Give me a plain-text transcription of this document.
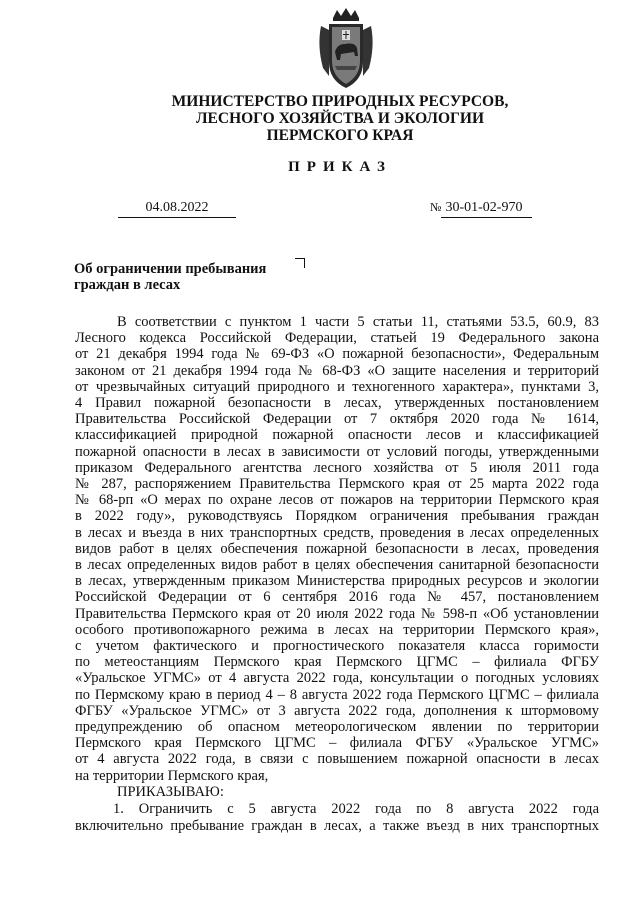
МИНИСТЕРСТВО ПРИРОДНЫХ РЕСУРСОВ,
ЛЕСНОГО ХОЗЯЙСТВА И ЭКОЛОГИИ
ПЕРМСКОГО КРАЯ
ПРИКАЗ
04.08.2022	№ 30-01-02-970
Об ограничении пребывания
граждан в лесах
В соответствии с пунктом 1 части 5 статьи 11, статьями 53.5, 60.9, 83
Лесного кодекса Российской Федерации, статьей 19 Федерального закона
от 21 декабря 1994 года № 69-ФЗ «О пожарной безопасности», Федеральным
законом от 21 декабря 1994 года № 68-ФЗ «О защите населения и территорий
от чрезвычайных ситуаций природного и техногенного характера», пунктами 3,
4 Правил пожарной безопасности в лесах, утвержденных постановлением
Правительства Российской Федерации от 7 октября 2020 года № 1614,
классификацией природной пожарной опасности лесов и классификацией
пожарной опасности в лесах в зависимости от условий погоды, утвержденными
приказом Федерального агентства лесного хозяйства от 5 июля 2011 года
№ 287, распоряжением Правительства Пермского края от 25 марта 2022 года
№ 68-рп «О мерах по охране лесов от пожаров на территории Пермского края
в 2022 году», руководствуясь Порядком ограничения пребывания граждан
в лесах и въезда в них транспортных средств, проведения в лесах определенных
видов работ в целях обеспечения пожарной безопасности в лесах, проведения
в лесах определенных видов работ в целях обеспечения санитарной безопасности
в лесах, утвержденным приказом Министерства природных ресурсов и экологии
Российской Федерации от 6 сентября 2016 года № 457, постановлением
Правительства Пермского края от 20 июля 2022 года № 598-п «Об установлении
особого противопожарного режима в лесах на территории Пермского края»,
с учетом фактического и прогностического показателя класса горимости
по метеостанциям Пермского края Пермского ЦГМС – филиала ФГБУ
«Уральское УГМС» от 4 августа 2022 года, консультации о погодных условиях
по Пермскому краю в период 4 – 8 августа 2022 года Пермского ЦГМС – филиала
ФГБУ «Уральское УГМС» от 3 августа 2022 года, дополнения к штормовому
предупреждению об опасном метеорологическом явлении по территории
Пермского края Пермского ЦГМС – филиала ФГБУ «Уральское УГМС»
от 4 августа 2022 года, в связи с повышением пожарной опасности в лесах
на территории Пермского края,
ПРИКАЗЫВАЮ:
1. Ограничить с 5 августа 2022 года по 8 августа 2022 года
включительно пребывание граждан в лесах, а также въезд в них транспортных
